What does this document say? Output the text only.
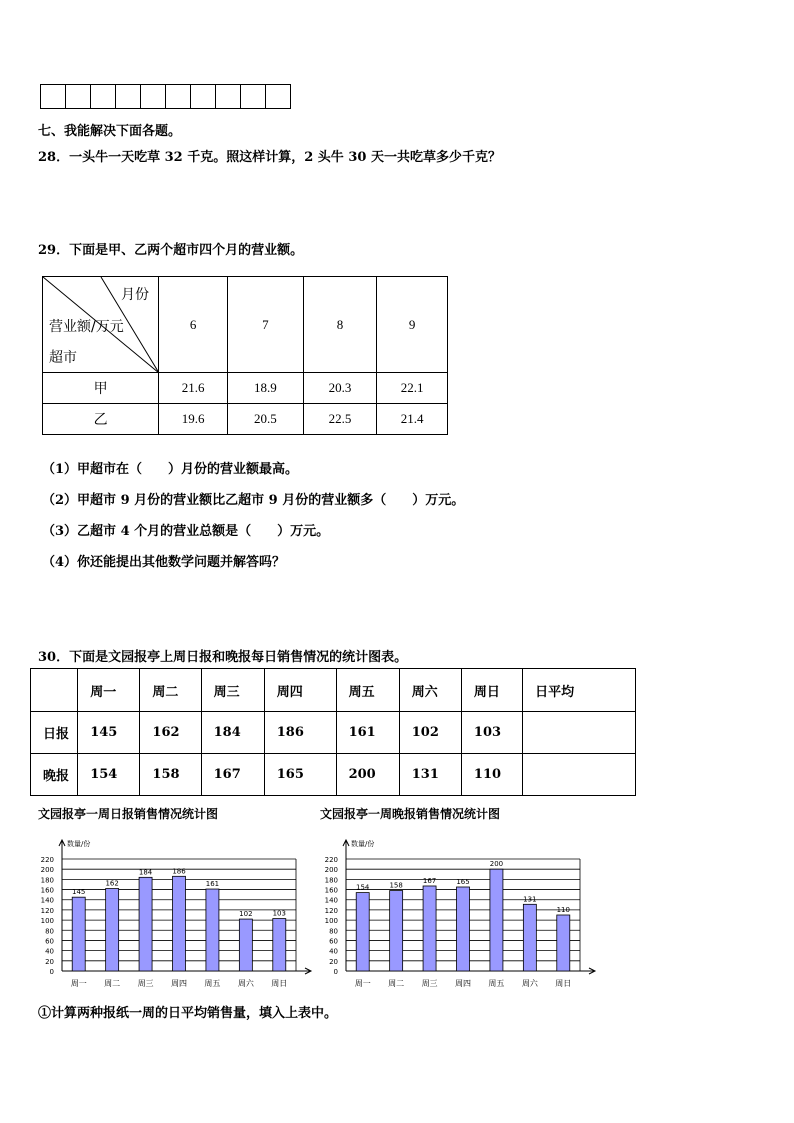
七、我能解决下面各题。
28．一头牛一天吃草 32 千克。照这样计算，2 头牛 30 天一共吃草多少千克？
29．下面是甲、乙两个超市四个月的营业额。
月份
营业额/万元
超市	6	7	8	9
甲	21.6	18.9	20.3	22.1
乙	19.6	20.5	22.5	21.4
（1）甲超市在（　　）月份的营业额最高。
（2）甲超市 9 月份的营业额比乙超市 9 月份的营业额多（　　）万元。
（3）乙超市 4 个月的营业总额是（　　）万元。
（4）你还能提出其他数学问题并解答吗？
30．下面是文园报亭上周日报和晚报每日销售情况的统计图表。
	周一	周二	周三	周四	周五	周六	周日	日平均
日报	145	162	184	186	161	102	103	
晚报	154	158	167	165	200	131	110	
文园报亭一周日报销售情况统计图	文园报亭一周晚报销售情况统计图
0
20
40
60
80
100
120
140
160
180
200
220
数量/份
145
周一
162
周二
184
周三
186
周四
161
周五
102
周六
103
周日
0
20
40
60
80
100
120
140
160
180
200
220
数量/份
154
周一
158
周二
167
周三
165
周四
200
周五
131
周六
110
周日
①计算两种报纸一周的日平均销售量，填入上表中。
